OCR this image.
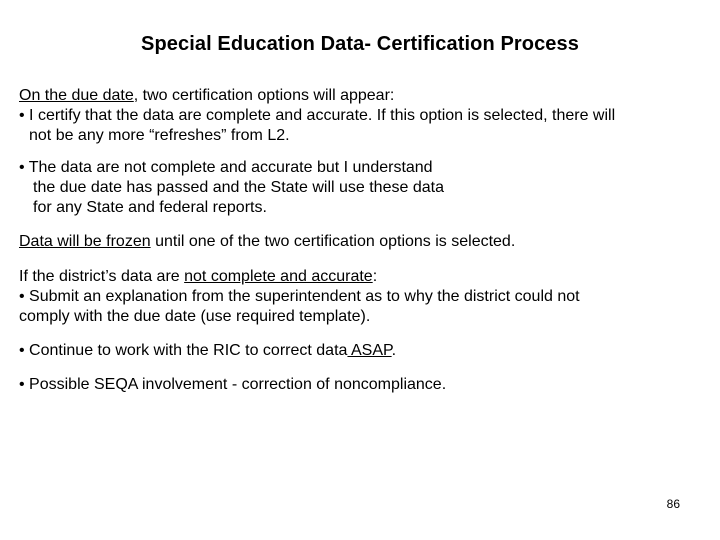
Special Education Data- Certification Process
On the due date, two certification options will appear:
• I certify that the data are complete and accurate. If this option is selected, there will
not be any more “refreshes” from L2.
• The data are not complete and accurate but I understand
the due date has passed and the State will use these data
for any State and federal reports.
Data will be frozen until one of the two certification options is selected.
If the district’s data are not complete and accurate:
• Submit an explanation from the superintendent as to why the district could not
comply with the due date (use required template).
• Continue to work with the RIC to correct data ASAP.
• Possible SEQA involvement - correction of noncompliance.
86
